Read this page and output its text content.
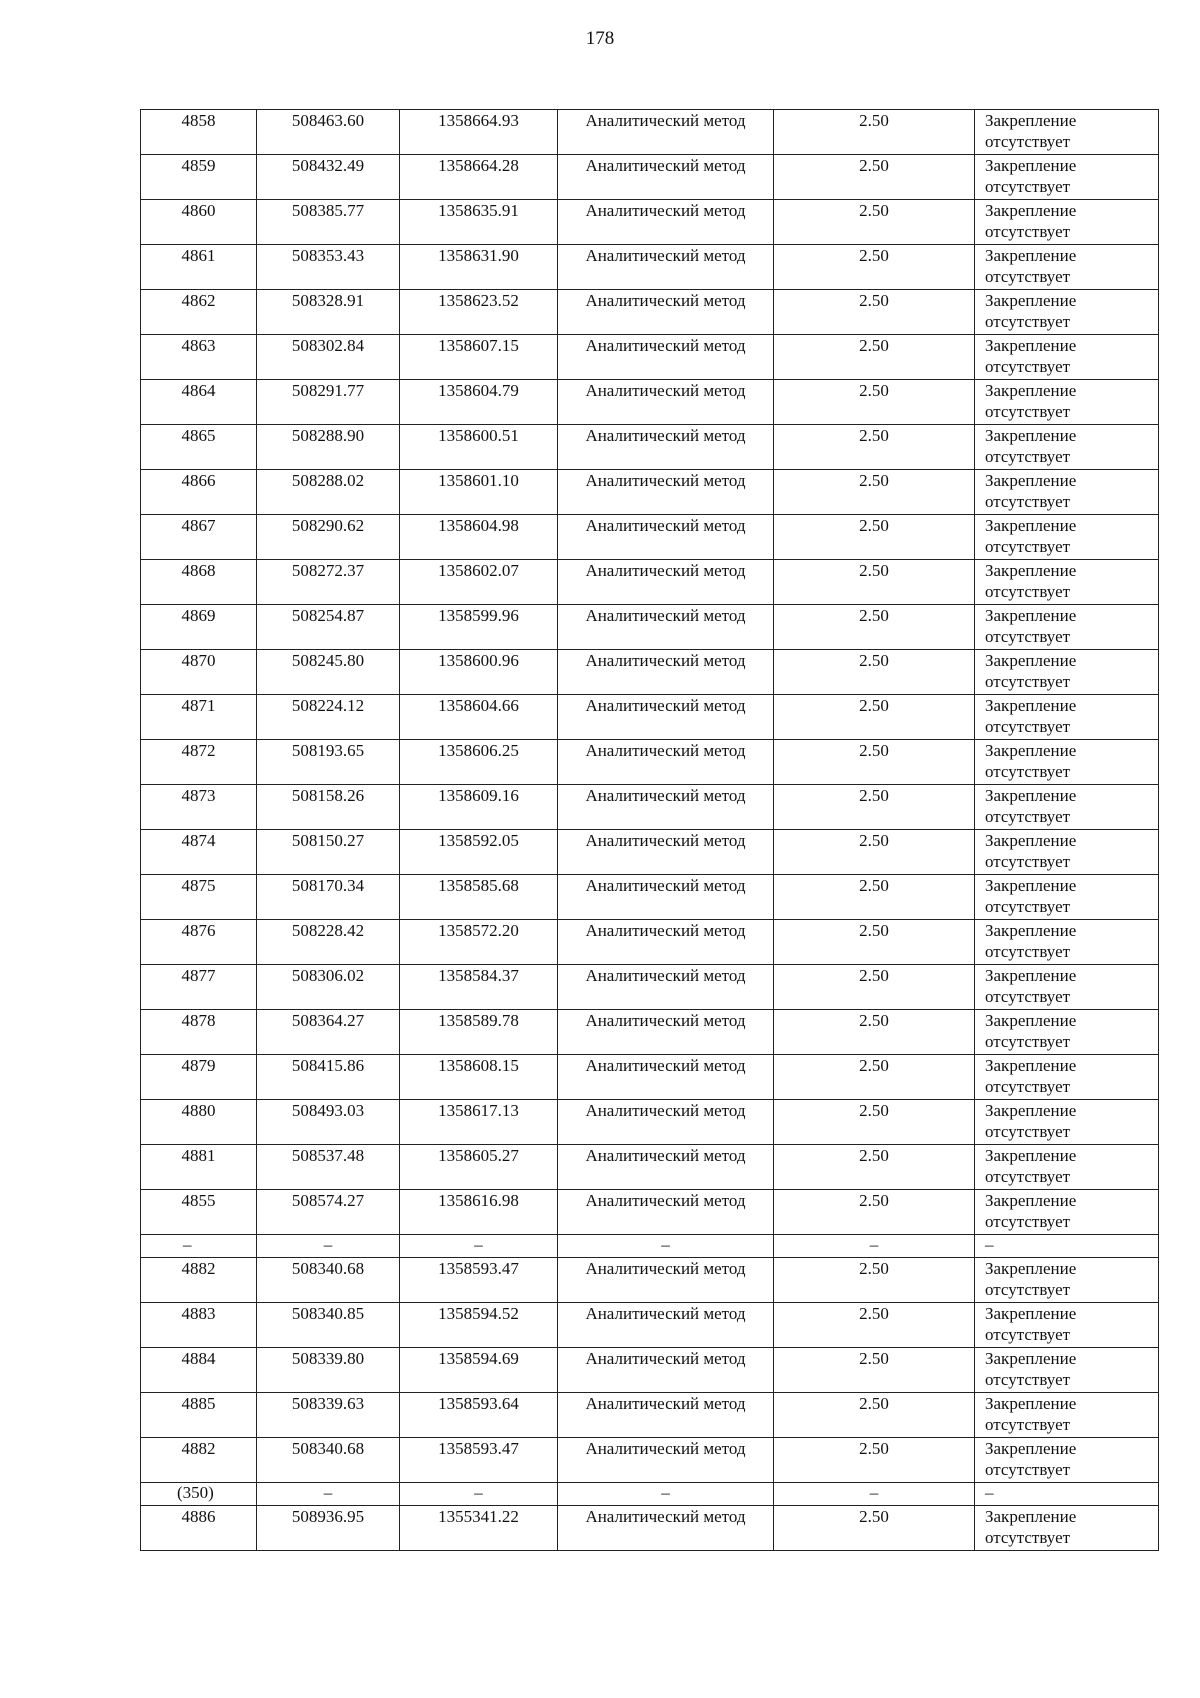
178
4858	508463.60	1358664.93	Аналитический метод	2.50	Закрепление отсутствует
4859	508432.49	1358664.28	Аналитический метод	2.50	Закрепление отсутствует
4860	508385.77	1358635.91	Аналитический метод	2.50	Закрепление отсутствует
4861	508353.43	1358631.90	Аналитический метод	2.50	Закрепление отсутствует
4862	508328.91	1358623.52	Аналитический метод	2.50	Закрепление отсутствует
4863	508302.84	1358607.15	Аналитический метод	2.50	Закрепление отсутствует
4864	508291.77	1358604.79	Аналитический метод	2.50	Закрепление отсутствует
4865	508288.90	1358600.51	Аналитический метод	2.50	Закрепление отсутствует
4866	508288.02	1358601.10	Аналитический метод	2.50	Закрепление отсутствует
4867	508290.62	1358604.98	Аналитический метод	2.50	Закрепление отсутствует
4868	508272.37	1358602.07	Аналитический метод	2.50	Закрепление отсутствует
4869	508254.87	1358599.96	Аналитический метод	2.50	Закрепление отсутствует
4870	508245.80	1358600.96	Аналитический метод	2.50	Закрепление отсутствует
4871	508224.12	1358604.66	Аналитический метод	2.50	Закрепление отсутствует
4872	508193.65	1358606.25	Аналитический метод	2.50	Закрепление отсутствует
4873	508158.26	1358609.16	Аналитический метод	2.50	Закрепление отсутствует
4874	508150.27	1358592.05	Аналитический метод	2.50	Закрепление отсутствует
4875	508170.34	1358585.68	Аналитический метод	2.50	Закрепление отсутствует
4876	508228.42	1358572.20	Аналитический метод	2.50	Закрепление отсутствует
4877	508306.02	1358584.37	Аналитический метод	2.50	Закрепление отсутствует
4878	508364.27	1358589.78	Аналитический метод	2.50	Закрепление отсутствует
4879	508415.86	1358608.15	Аналитический метод	2.50	Закрепление отсутствует
4880	508493.03	1358617.13	Аналитический метод	2.50	Закрепление отсутствует
4881	508537.48	1358605.27	Аналитический метод	2.50	Закрепление отсутствует
4855	508574.27	1358616.98	Аналитический метод	2.50	Закрепление отсутствует
–	–	–	–	–	–
4882	508340.68	1358593.47	Аналитический метод	2.50	Закрепление отсутствует
4883	508340.85	1358594.52	Аналитический метод	2.50	Закрепление отсутствует
4884	508339.80	1358594.69	Аналитический метод	2.50	Закрепление отсутствует
4885	508339.63	1358593.64	Аналитический метод	2.50	Закрепление отсутствует
4882	508340.68	1358593.47	Аналитический метод	2.50	Закрепление отсутствует
(350)	–	–	–	–	–
4886	508936.95	1355341.22	Аналитический метод	2.50	Закрепление отсутствует
